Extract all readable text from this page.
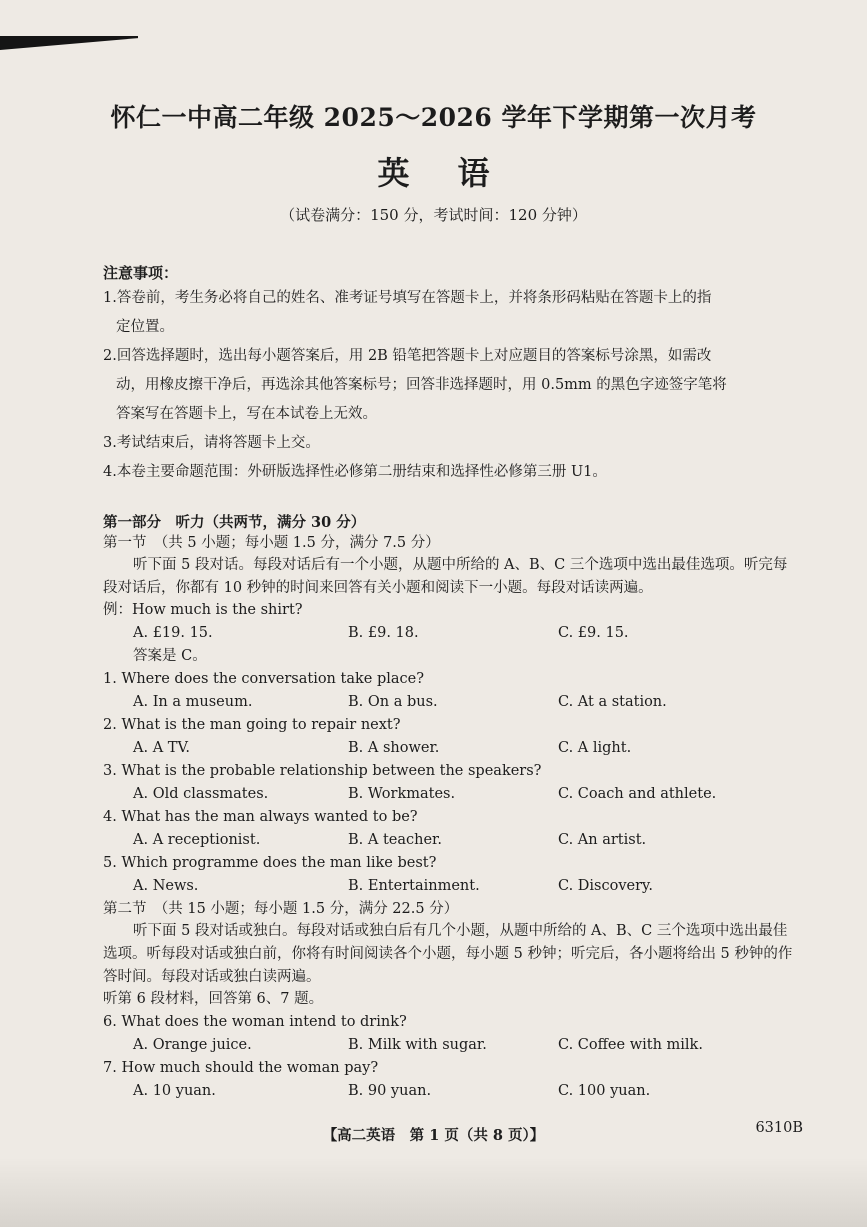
怀仁一中高二年级 2025～2026 学年下学期第一次月考
英语
（试卷满分：150 分，考试时间：120 分钟）
注意事项：
1.答卷前，考生务必将自己的姓名、准考证号填写在答题卡上，并将条形码粘贴在答题卡上的指
定位置。
2.回答选择题时，选出每小题答案后，用 2B 铅笔把答题卡上对应题目的答案标号涂黑，如需改
动，用橡皮擦干净后，再选涂其他答案标号；回答非选择题时，用 0.5mm 的黑色字迹签字笔将
答案写在答题卡上，写在本试卷上无效。
3.考试结束后，请将答题卡上交。
4.本卷主要命题范围：外研版选择性必修第二册结束和选择性必修第三册 U1。
第一部分　听力（共两节，满分 30 分）
第一节　（共 5 小题；每小题 1.5 分，满分 7.5 分）
听下面 5 段对话。每段对话后有一个小题，从题中所给的 A、B、C 三个选项中选出最佳选项。听完每段对话后，你都有 10 秒钟的时间来回答有关小题和阅读下一小题。每段对话读两遍。
例：How much is the shirt?
A. £19. 15.	B. £9. 18.	C. £9. 15.
答案是 C。
1. Where does the conversation take place?
A. In a museum.	B. On a bus.	C. At a station.
2. What is the man going to repair next?
A. A TV.	B. A shower.	C. A light.
3. What is the probable relationship between the speakers?
A. Old classmates.	B. Workmates.	C. Coach and athlete.
4. What has the man always wanted to be?
A. A receptionist.	B. A teacher.	C. An artist.
5. Which programme does the man like best?
A. News.	B. Entertainment.	C. Discovery.
第二节　（共 15 小题；每小题 1.5 分，满分 22.5 分）
听下面 5 段对话或独白。每段对话或独白后有几个小题，从题中所给的 A、B、C 三个选项中选出最佳选项。听每段对话或独白前，你将有时间阅读各个小题，每小题 5 秒钟；听完后，各小题将给出 5 秒钟的作答时间。每段对话或独白读两遍。
听第 6 段材料，回答第 6、7 题。
6. What does the woman intend to drink?
A. Orange juice.	B. Milk with sugar.	C. Coffee with milk.
7. How much should the woman pay?
A. 10 yuan.	B. 90 yuan.	C. 100 yuan.
【高二英语　第 1 页（共 8 页）】	6310B
